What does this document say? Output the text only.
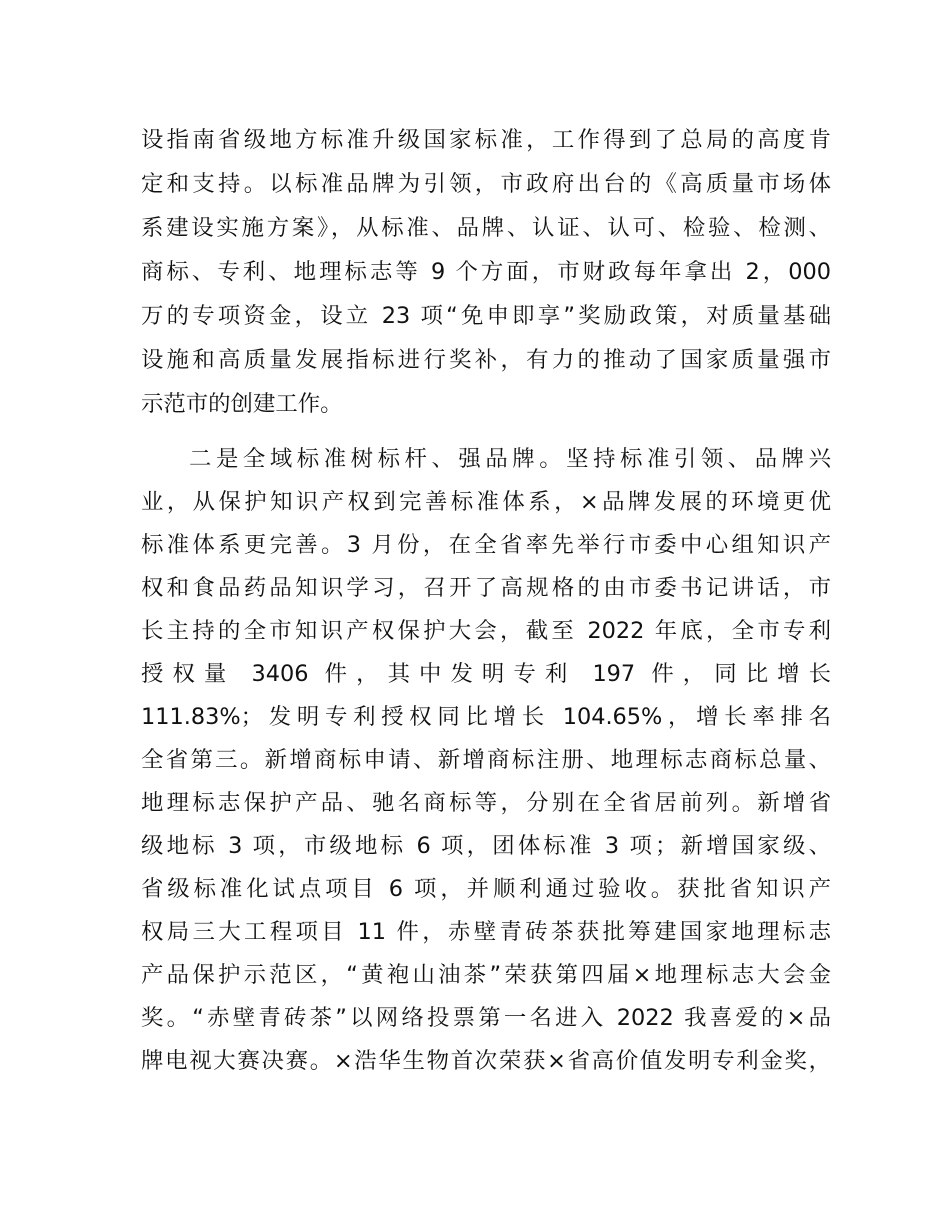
设指南省级地方标准升级国家标准，工作得到了总局的高度肯
定和支持。以标准品牌为引领，市政府出台的《高质量市场体
系建设实施方案》，从标准、品牌、认证、认可、检验、检测、
商标、专利、地理标志等 9 个方面，市财政每年拿出 2，000
万的专项资金，设立 23 项“免申即享”奖励政策，对质量基础
设施和高质量发展指标进行奖补，有力的推动了国家质量强市
示范市的创建工作。
二是全域标准树标杆、强品牌。坚持标准引领、品牌兴
业，从保护知识产权到完善标准体系，×品牌发展的环境更优
标准体系更完善。3 月份，在全省率先举行市委中心组知识产
权和食品药品知识学习，召开了高规格的由市委书记讲话，市
长主持的全市知识产权保护大会，截至 2022 年底，全市专利
授权量 3406 件，其中发明专利 197 件，同比增长
111.83%；发明专利授权同比增长 104.65%，增长率排名
全省第三。新增商标申请、新增商标注册、地理标志商标总量、
地理标志保护产品、驰名商标等，分别在全省居前列。新增省
级地标 3 项，市级地标 6 项，团体标准 3 项；新增国家级、
省级标准化试点项目 6 项，并顺利通过验收。获批省知识产
权局三大工程项目 11 件，赤壁青砖茶获批筹建国家地理标志
产品保护示范区，“黄袍山油茶”荣获第四届×地理标志大会金
奖。“赤壁青砖茶”以网络投票第一名进入 2022 我喜爱的×品
牌电视大赛决赛。×浩华生物首次荣获×省高价值发明专利金奖，
